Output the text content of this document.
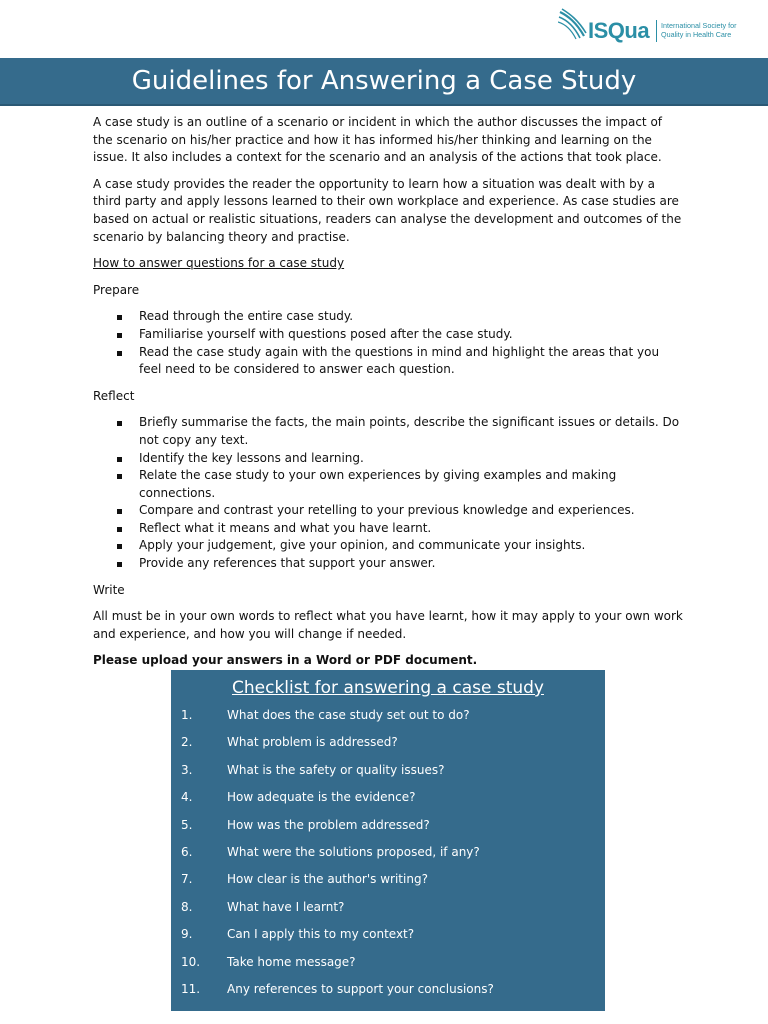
ISQua International Society for
Quality in Health Care
Guidelines for Answering a Case Study

A case study is an outline of a scenario or incident in which the author discusses the impact of the scenario on his/her practice and how it has informed his/her thinking and learning on the issue. It also includes a context for the scenario and an analysis of the actions that took place.

A case study provides the reader the opportunity to learn how a situation was dealt with by a third party and apply lessons learned to their own workplace and experience. As case studies are based on actual or realistic situations, readers can analyse the development and outcomes of the scenario by balancing theory and practise.

How to answer questions for a case study

Prepare

Read through the entire case study.
Familiarise yourself with questions posed after the case study.
Read the case study again with the questions in mind and highlight the areas that you feel need to be considered to answer each question.

Reflect

Briefly summarise the facts, the main points, describe the significant issues or details. Do not copy any text.
Identify the key lessons and learning.
Relate the case study to your own experiences by giving examples and making connections.
Compare and contrast your retelling to your previous knowledge and experiences.
Reflect what it means and what you have learnt.
Apply your judgement, give your opinion, and communicate your insights.
Provide any references that support your answer.

Write

All must be in your own words to reflect what you have learnt, how it may apply to your own work and experience, and how you will change if needed.

Please upload your answers in a Word or PDF document.

Checklist for answering a case study
1.	What does the case study set out to do?
2.	What problem is addressed?
3.	What is the safety or quality issues?
4.	How adequate is the evidence?
5.	How was the problem addressed?
6.	What were the solutions proposed, if any?
7.	How clear is the author's writing?
8.	What have I learnt?
9.	Can I apply this to my context?
10. Take home message?
11. Any references to support your conclusions?
